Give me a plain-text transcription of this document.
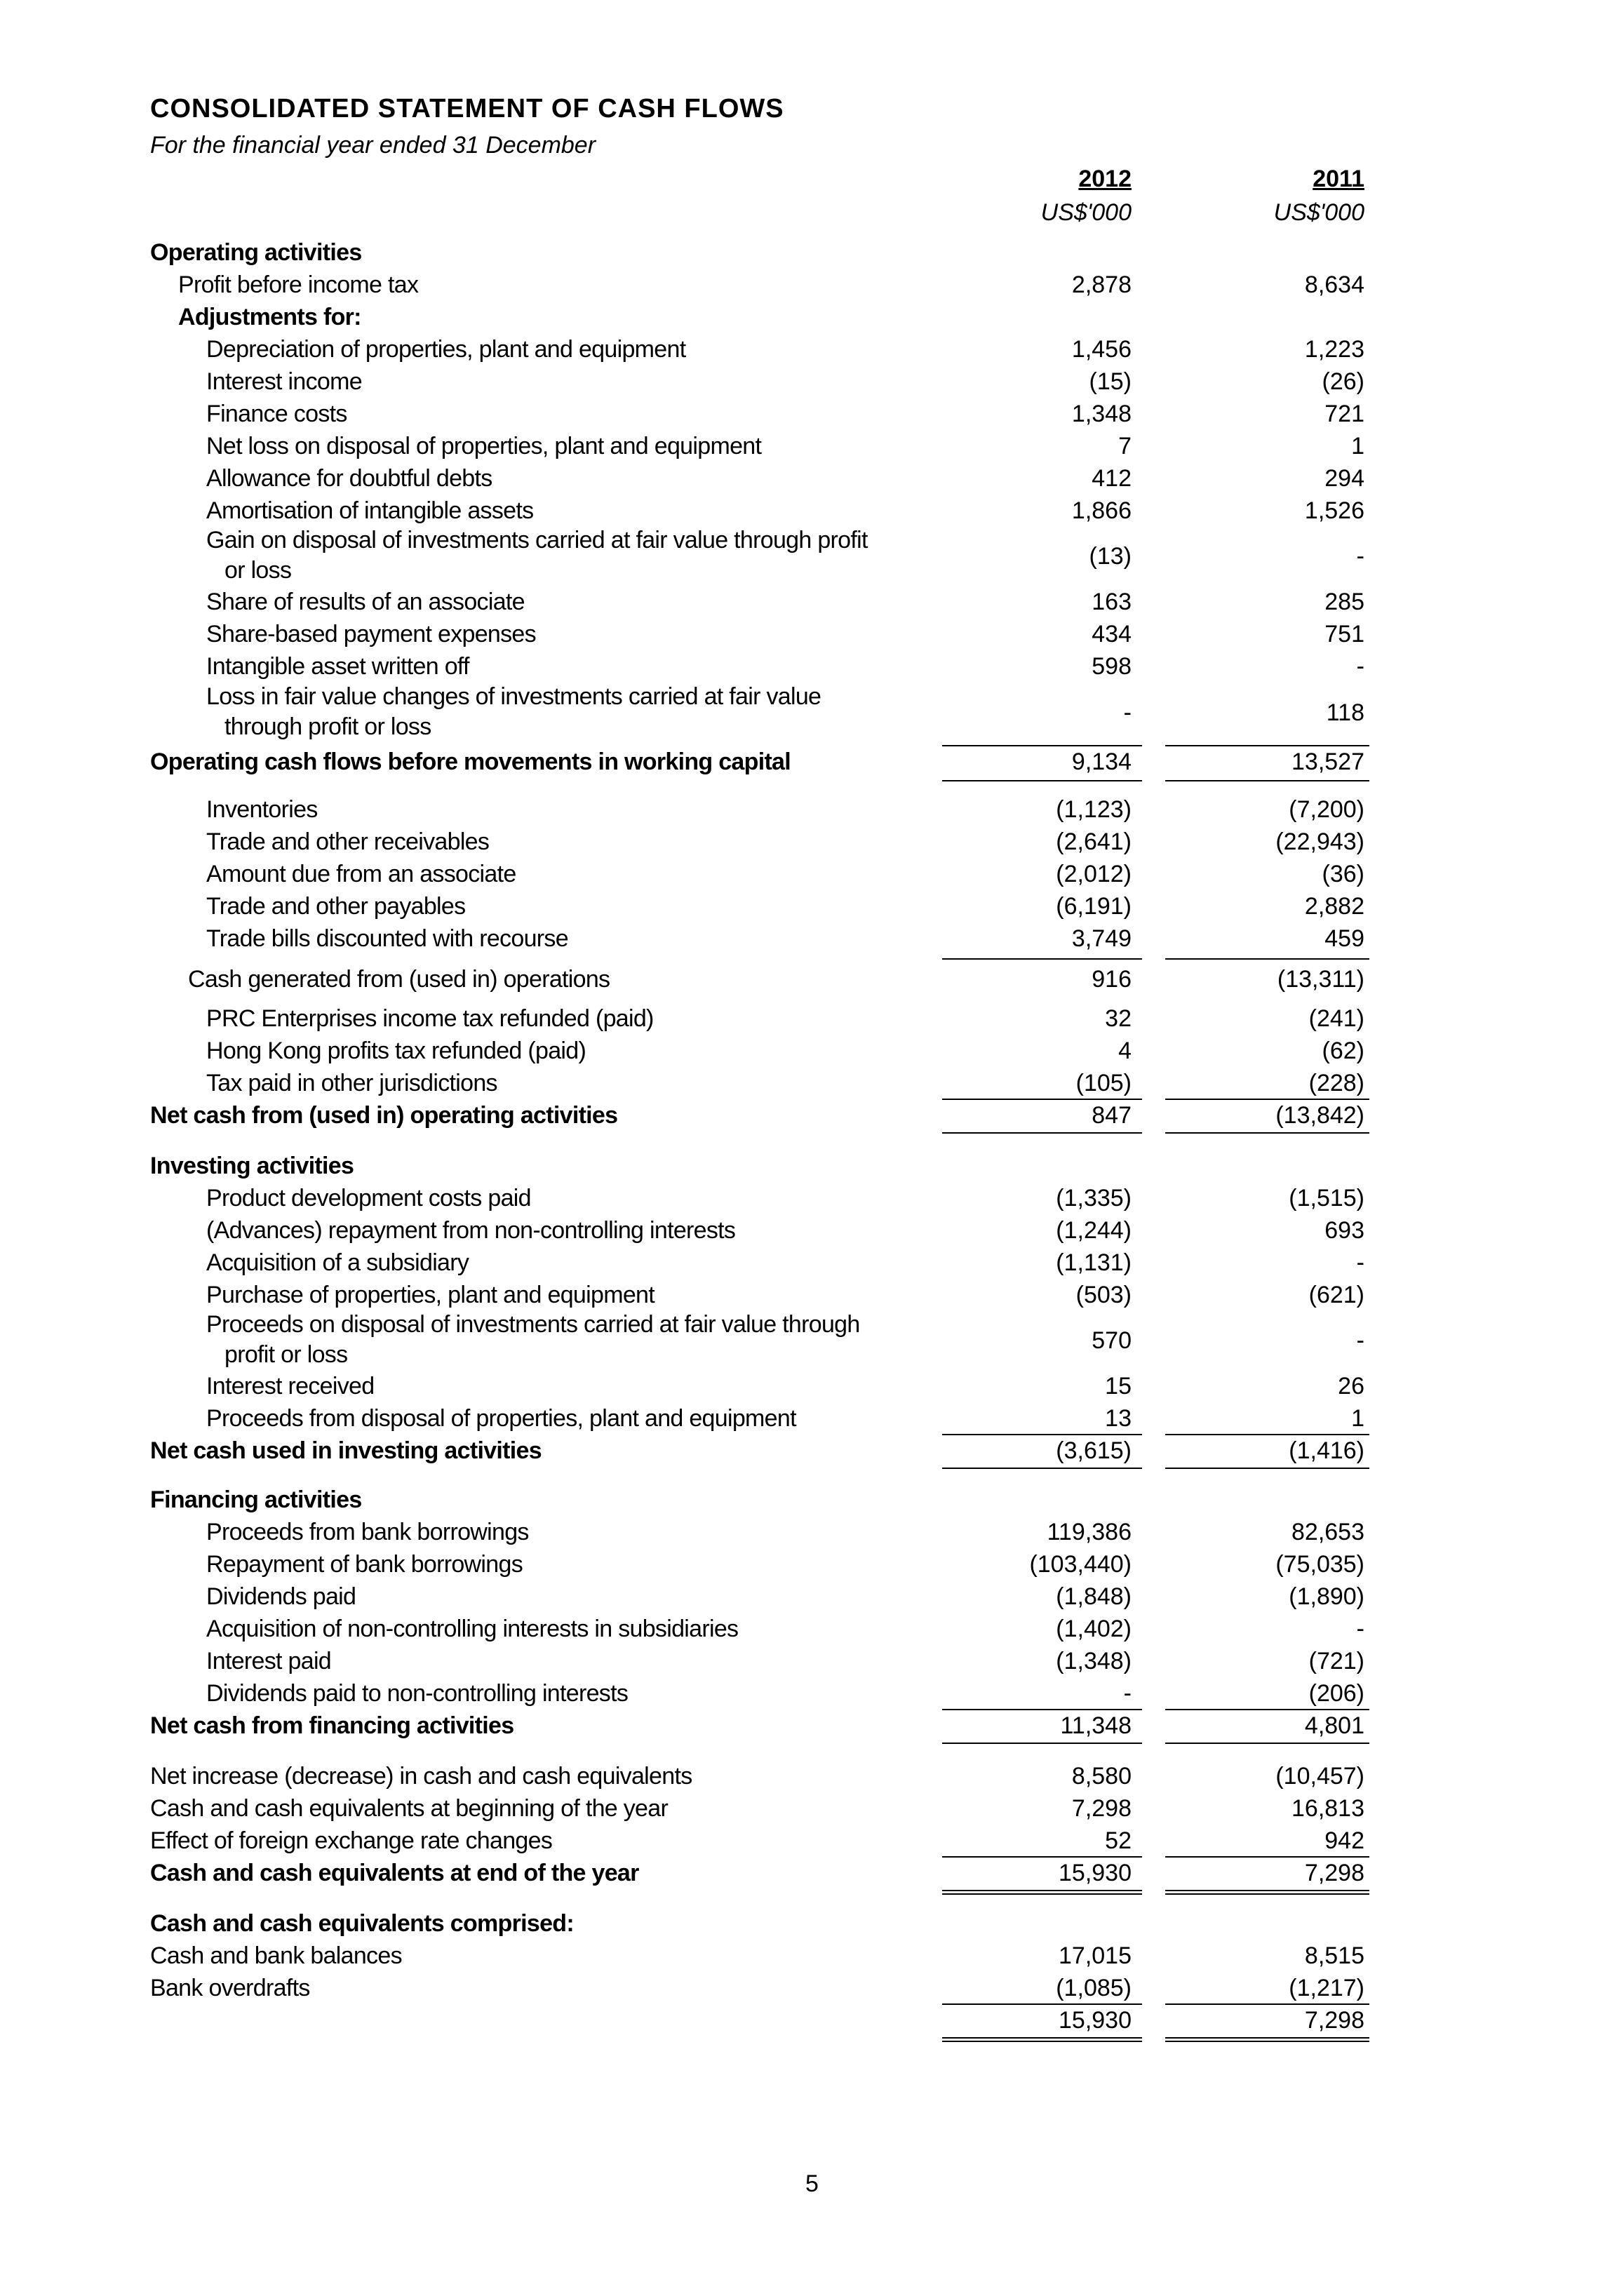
CONSOLIDATED STATEMENT OF CASH FLOWS
For the financial year ended 31 December
2012	2011
US$'000	US$'000
Operating activities
Profit before income tax	2,878	8,634
Adjustments for:
Depreciation of properties, plant and equipment	1,456	1,223
Interest income	(15)	(26)
Finance costs	1,348	721
Net loss on disposal of properties, plant and equipment	7	1
Allowance for doubtful debts	412	294
Amortisation of intangible assets	1,866	1,526
Gain on disposal of investments carried at fair value through profit
or loss
(13)	-
Share of results of an associate	163	285
Share-based payment expenses	434	751
Intangible asset written off	598	-
Loss in fair value changes of investments carried at fair value
through profit or loss
-	118
Operating cash flows before movements in working capital	9,134	13,527
Inventories	(1,123)	(7,200)
Trade and other receivables	(2,641)	(22,943)
Amount due from an associate	(2,012)	(36)
Trade and other payables	(6,191)	2,882
Trade bills discounted with recourse	3,749	459
Cash generated from (used in) operations	916	(13,311)
PRC Enterprises income tax refunded (paid)	32	(241)
Hong Kong profits tax refunded (paid)	4	(62)
Tax paid in other jurisdictions	(105)	(228)
Net cash from (used in) operating activities	847	(13,842)
Investing activities
Product development costs paid	(1,335)	(1,515)
(Advances) repayment from non-controlling interests	(1,244)	693
Acquisition of a subsidiary	(1,131)	-
Purchase of properties, plant and equipment	(503)	(621)
Proceeds on disposal of investments carried at fair value through
profit or loss
570	-
Interest received	15	26
Proceeds from disposal of properties, plant and equipment	13	1
Net cash used in investing activities	(3,615)	(1,416)
Financing activities
Proceeds from bank borrowings	119,386	82,653
Repayment of bank borrowings	(103,440)	(75,035)
Dividends paid	(1,848)	(1,890)
Acquisition of non-controlling interests in subsidiaries	(1,402)	-
Interest paid	(1,348)	(721)
Dividends paid to non-controlling interests	-	(206)
Net cash from financing activities	11,348	4,801
Net increase (decrease) in cash and cash equivalents	8,580	(10,457)
Cash and cash equivalents at beginning of the year	7,298	16,813
Effect of foreign exchange rate changes	52	942
Cash and cash equivalents at end of the year	15,930	7,298
Cash and cash equivalents comprised:
Cash and bank balances	17,015	8,515
Bank overdrafts	(1,085)	(1,217)
15,930	7,298
5
